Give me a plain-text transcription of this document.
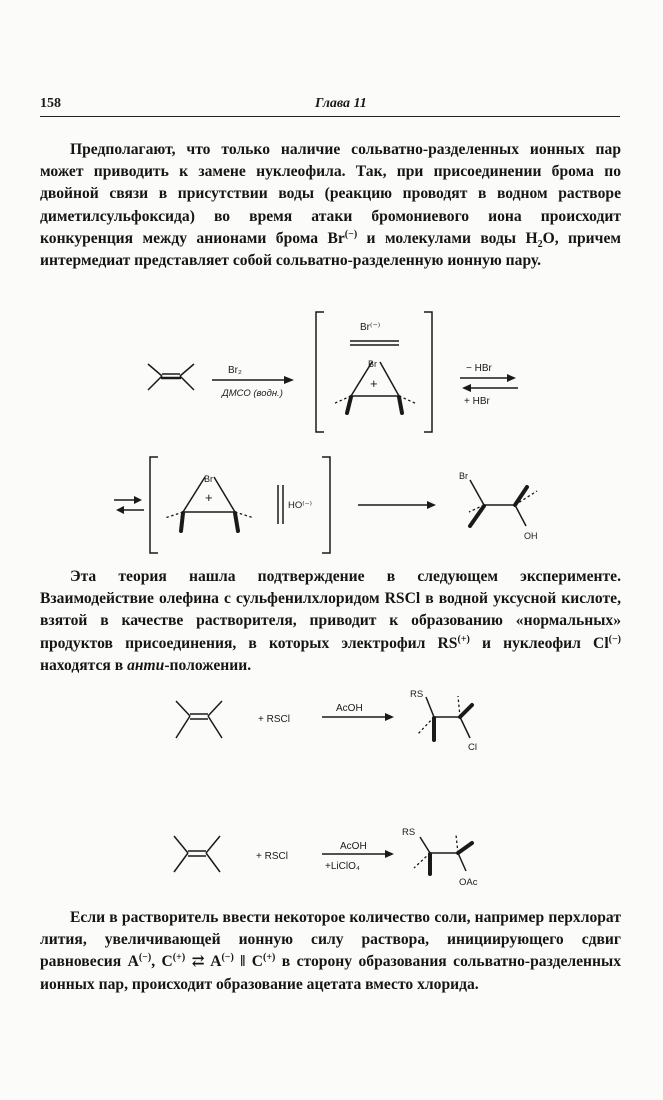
158	Глава 11

Предполагают, что только наличие сольватно-разделенных ионных пар может приводить к замене нуклеофила. Так, при присоединении брома по двойной связи в присутствии воды (реакцию проводят в водном растворе диметилсульфоксида) во время атаки бромониевого иона происходит конкуренция между анионами брома Br(−) и молекулами воды $H_2O$, причем интермедиат представляет собой сольватно-разделенную ионную пару.

Br₂
ДМСО (водн.)
Br⁽⁻⁾
Br
+
− HBr
+ HBr
Br
+
HO⁽⁻⁾
Br
OH

Эта теория нашла подтверждение в следующем эксперименте. Взаимодействие олефина с сульфенилхлоридом RSCl в водной уксусной кислоте, взятой в качестве растворителя, приводит к образованию «нормальных» продуктов присоединения, в которых электрофил RS(+) и нуклеофил Cl(−) находятся в анти-положении.

+ RSCl
AcOH
RS
Cl
+ RSCl
AcOH
+LiClO₄
RS
OAc

Если в растворитель ввести некоторое количество соли, например перхлорат лития, увеличивающей ионную силу раствора, инициирующего сдвиг равновесия A(−), C(+) ⇄ A(−) ‖ C(+) в сторону образования сольватно-разделенных ионных пар, происходит образование ацетата вместо хлорида.
